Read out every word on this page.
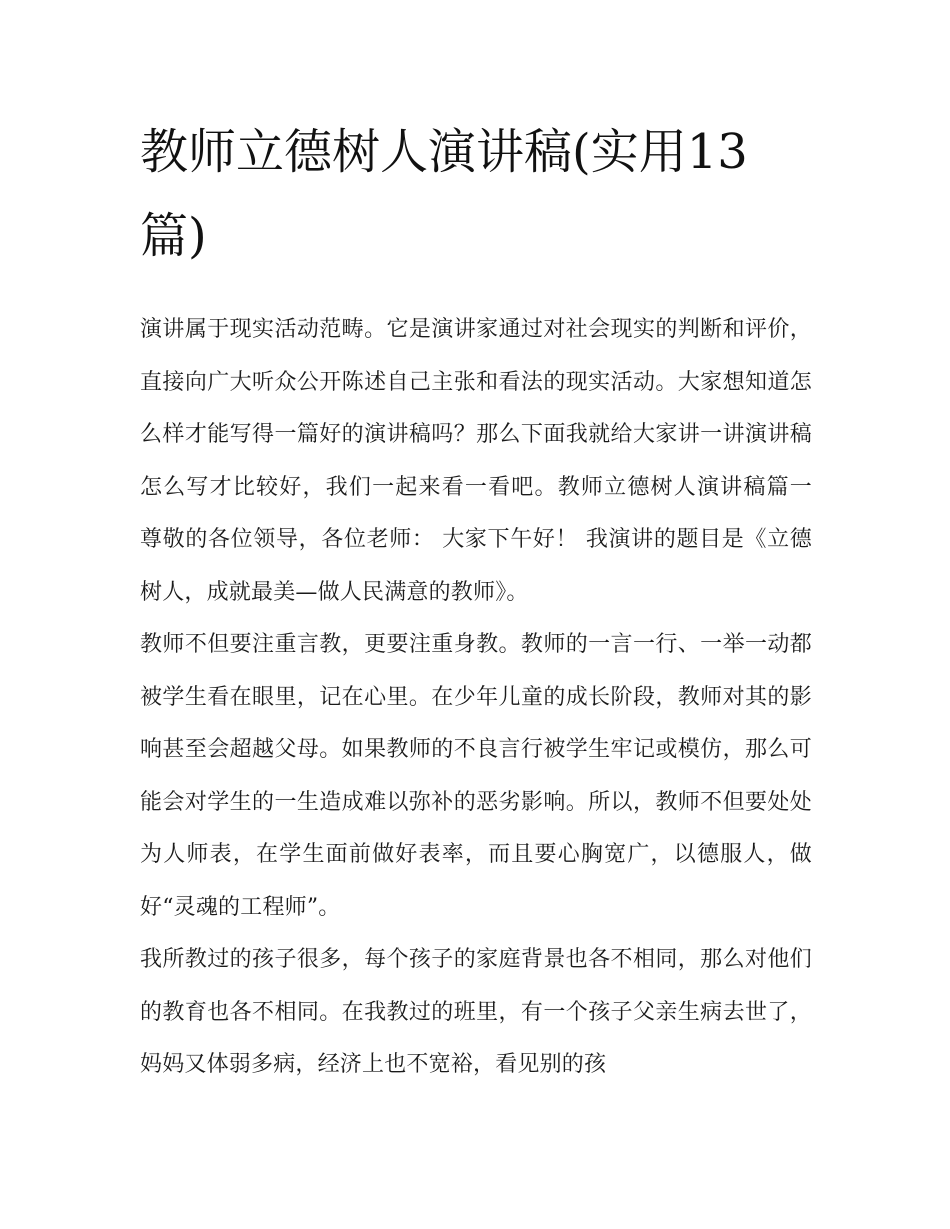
教师立德树人演讲稿(实用13篇)

演讲属于现实活动范畴。它是演讲家通过对社会现实的判断和评价，直接向广大听众公开陈述自己主张和看法的现实活动。大家想知道怎么样才能写得一篇好的演讲稿吗？那么下面我就给大家讲一讲演讲稿怎么写才比较好，我们一起来看一看吧。教师立德树人演讲稿篇一 尊敬的各位领导，各位老师： 大家下午好！ 我演讲的题目是《立德树人，成就最美—做人民满意的教师》。

教师不但要注重言教，更要注重身教。教师的一言一行、一举一动都被学生看在眼里，记在心里。在少年儿童的成长阶段，教师对其的影响甚至会超越父母。如果教师的不良言行被学生牢记或模仿，那么可能会对学生的一生造成难以弥补的恶劣影响。所以，教师不但要处处为人师表，在学生面前做好表率，而且要心胸宽广，以德服人，做好“灵魂的工程师”。

我所教过的孩子很多，每个孩子的家庭背景也各不相同，那么对他们的教育也各不相同。在我教过的班里，有一个孩子父亲生病去世了，妈妈又体弱多病，经济上也不宽裕，看见别的孩
